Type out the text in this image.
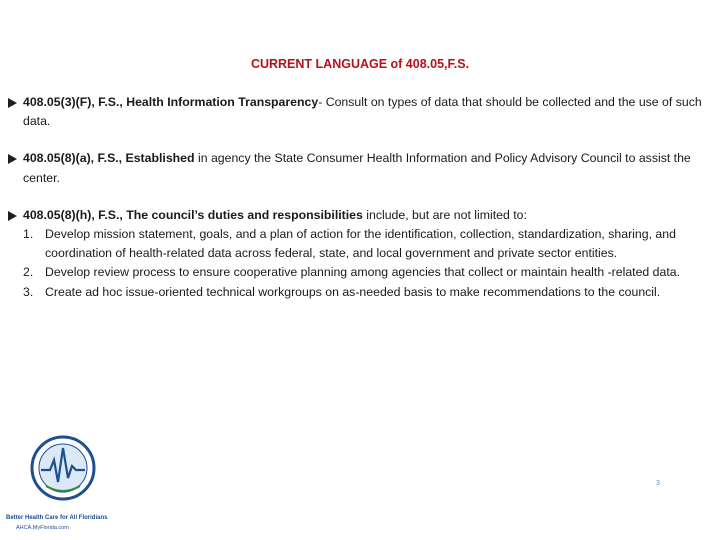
CURRENT LANGUAGE of 408.05,F.S.
408.05(3)(F), F.S., Health Information Transparency- Consult on types of data that should be collected and the use of such data.
408.05(8)(a), F.S., Established in agency the State Consumer Health Information and Policy Advisory Council to assist the center.
408.05(8)(h), F.S., The council’s duties and responsibilities include, but are not limited to:
1. Develop mission statement, goals, and a plan of action for the identification, collection, standardization, sharing, and coordination of health-related data across federal, state, and local government and private sector entities.
2. Develop review process to ensure cooperative planning among agencies that collect or maintain health -related data.
3. Create ad hoc issue-oriented technical workgroups on as-needed basis to make recommendations to the council.
Better Health Care for All Floridians
AHCA.MyFlorida.com
3
